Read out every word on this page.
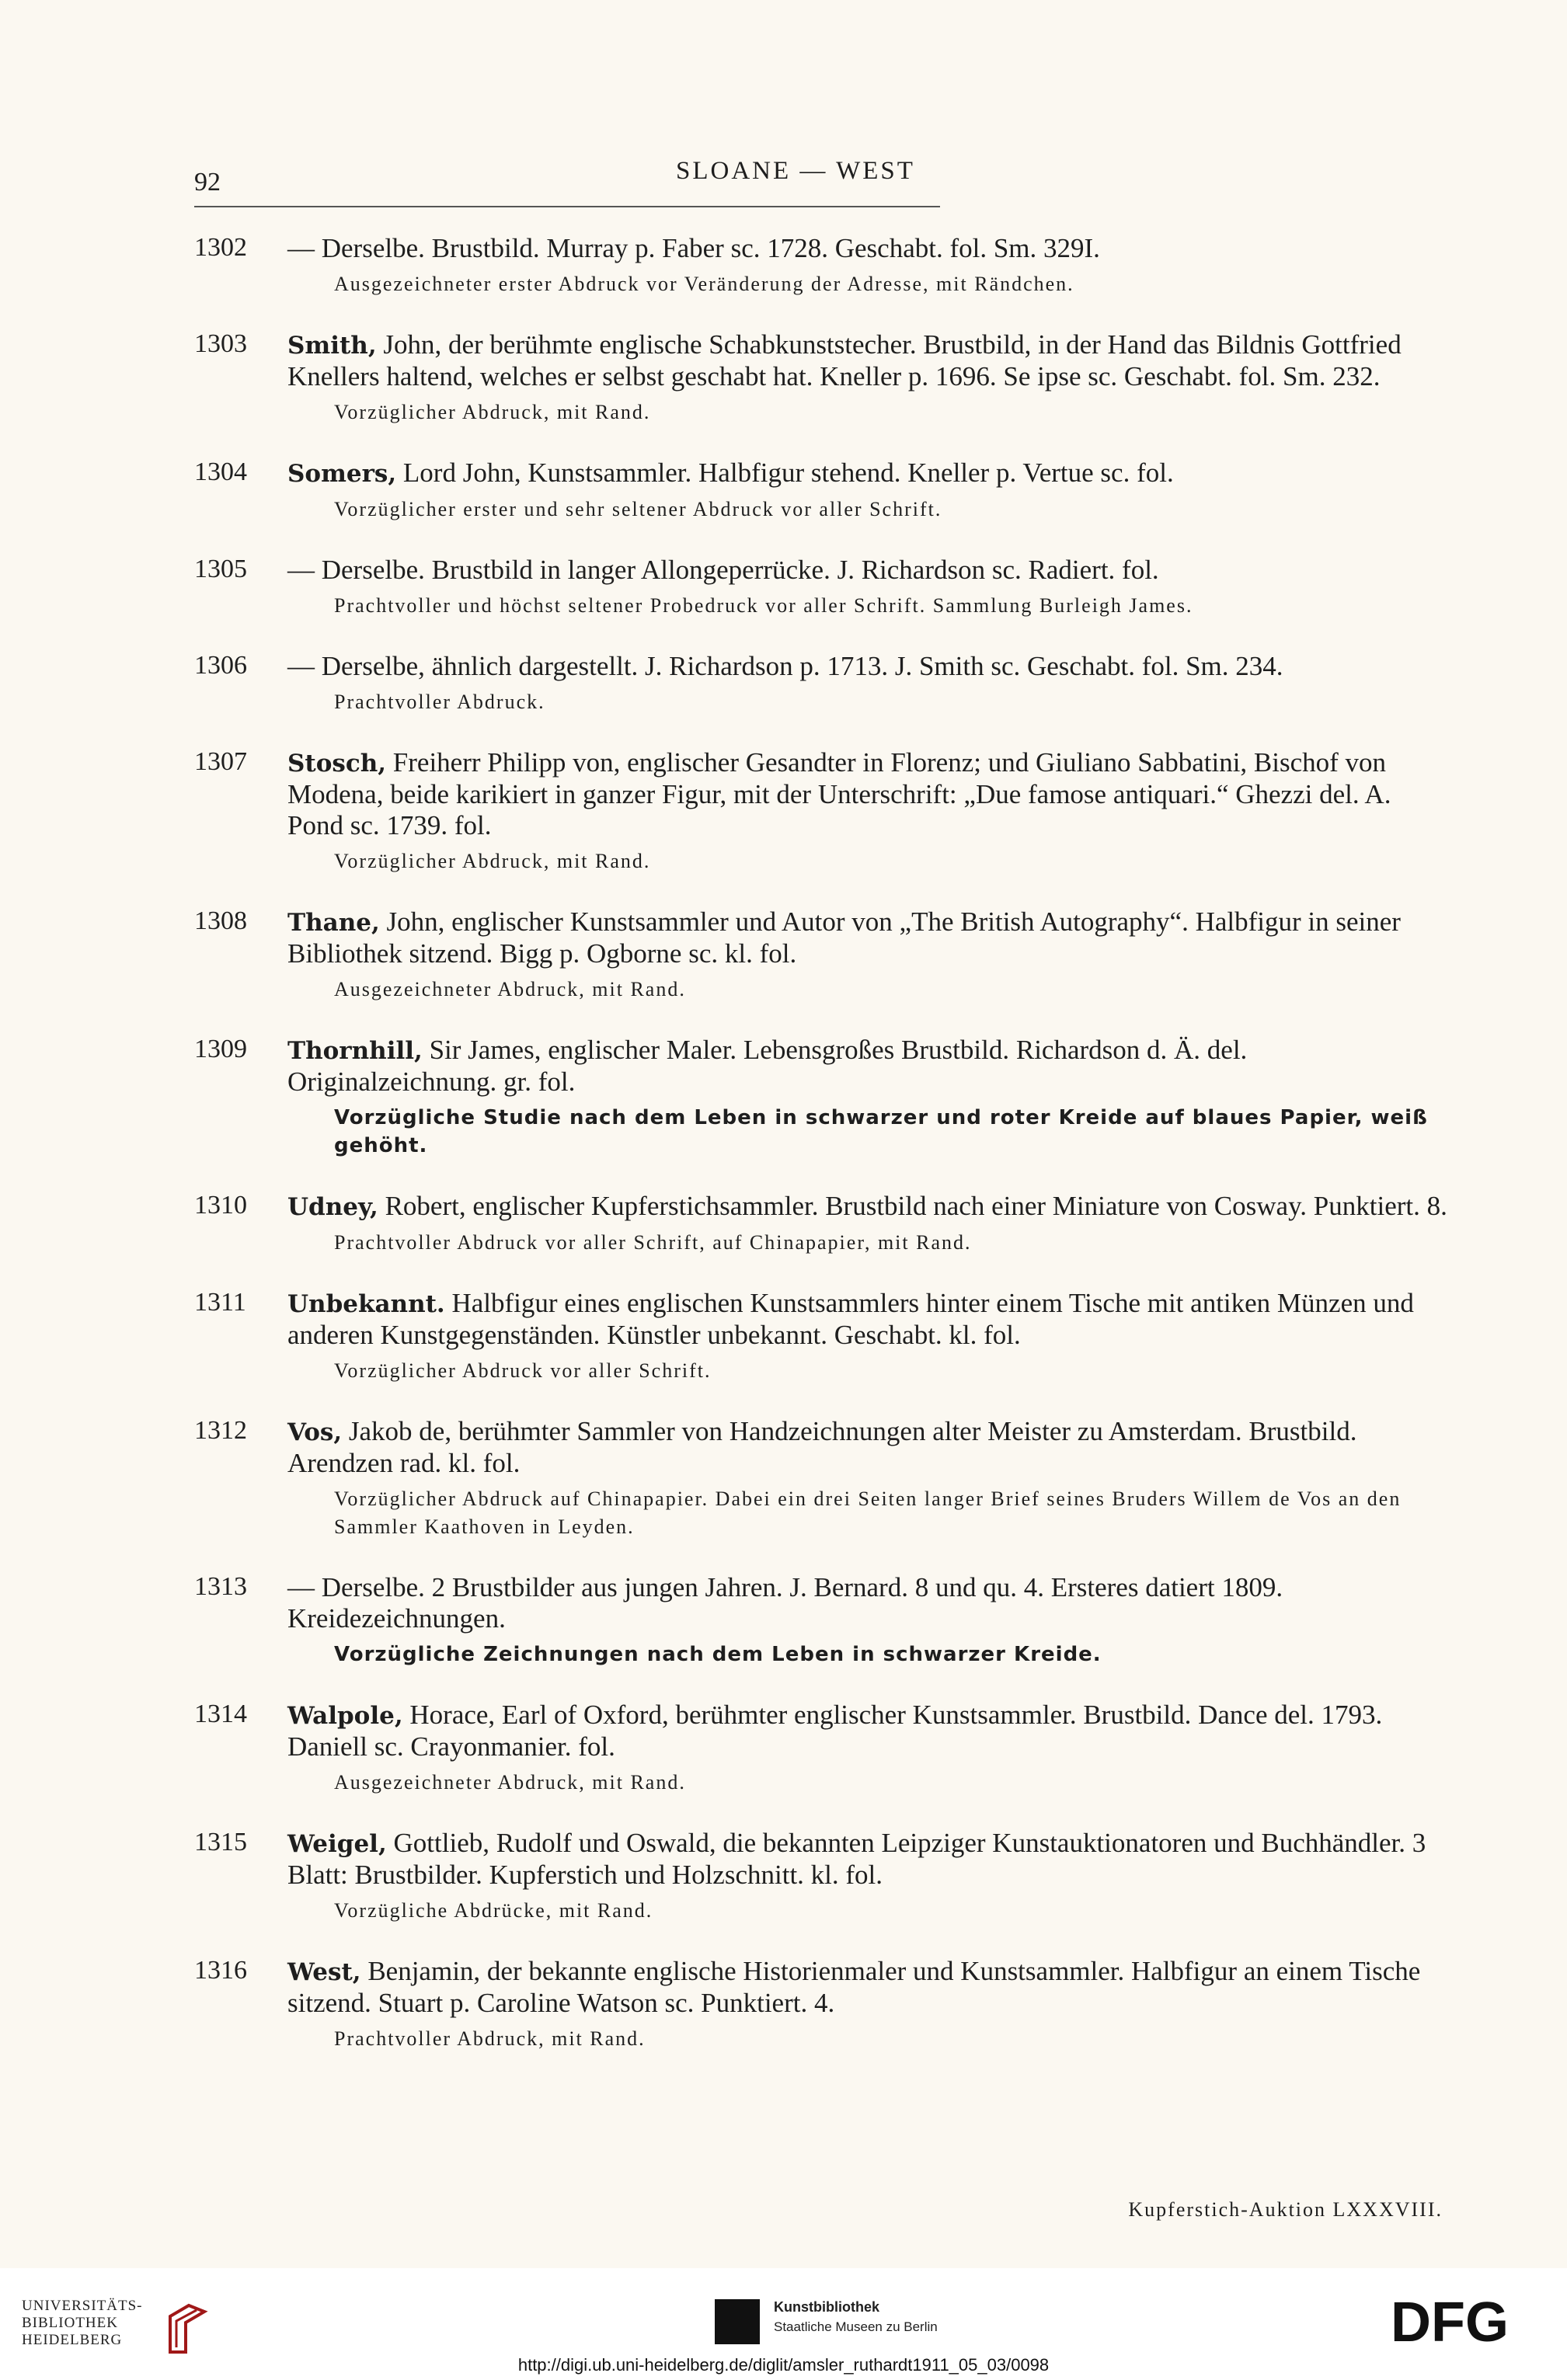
92	SLOANE — WEST
1302 — Derselbe. Brustbild. Murray p. Faber sc. 1728. Geschabt. fol. Sm. 329I.
Ausgezeichneter erster Abdruck vor Veränderung der Adresse, mit Rändchen.
1303 Smith, John, der berühmte englische Schabkunststecher. Brustbild, in der Hand das Bildnis Gottfried Knellers haltend, welches er selbst geschabt hat. Kneller p. 1696. Se ipse sc. Geschabt. fol. Sm. 232.
Vorzüglicher Abdruck, mit Rand.
1304 Somers, Lord John, Kunstsammler. Halbfigur stehend. Kneller p. Vertue sc. fol.
Vorzüglicher erster und sehr seltener Abdruck vor aller Schrift.
1305 — Derselbe. Brustbild in langer Allongeperrücke. J. Richardson sc. Radiert. fol.
Prachtvoller und höchst seltener Probedruck vor aller Schrift. Sammlung Burleigh James.
1306 — Derselbe, ähnlich dargestellt. J. Richardson p. 1713. J. Smith sc. Geschabt. fol. Sm. 234.
Prachtvoller Abdruck.
1307 Stosch, Freiherr Philipp von, englischer Gesandter in Florenz; und Giuliano Sabbatini, Bischof von Modena, beide karikiert in ganzer Figur, mit der Unterschrift: „Due famose antiquari.“ Ghezzi del. A. Pond sc. 1739. fol.
Vorzüglicher Abdruck, mit Rand.
1308 Thane, John, englischer Kunstsammler und Autor von „The British Autography“. Halbfigur in seiner Bibliothek sitzend. Bigg p. Ogborne sc. kl. fol.
Ausgezeichneter Abdruck, mit Rand.
1309 Thornhill, Sir James, englischer Maler. Lebensgroßes Brustbild. Richardson d. Ä. del. Originalzeichnung. gr. fol.
Vorzügliche Studie nach dem Leben in schwarzer und roter Kreide auf blaues Papier, weiß gehöht.
1310 Udney, Robert, englischer Kupferstichsammler. Brustbild nach einer Miniature von Cosway. Punktiert. 8.
Prachtvoller Abdruck vor aller Schrift, auf Chinapapier, mit Rand.
1311 Unbekannt. Halbfigur eines englischen Kunstsammlers hinter einem Tische mit antiken Münzen und anderen Kunstgegenständen. Künstler unbekannt. Geschabt. kl. fol.
Vorzüglicher Abdruck vor aller Schrift.
1312 Vos, Jakob de, berühmter Sammler von Handzeichnungen alter Meister zu Amsterdam. Brustbild. Arendzen rad. kl. fol.
Vorzüglicher Abdruck auf Chinapapier. Dabei ein drei Seiten langer Brief seines Bruders Willem de Vos an den Sammler Kaathoven in Leyden.
1313 — Derselbe. 2 Brustbilder aus jungen Jahren. J. Bernard. 8 und qu. 4. Ersteres datiert 1809. Kreidezeichnungen.
Vorzügliche Zeichnungen nach dem Leben in schwarzer Kreide.
1314 Walpole, Horace, Earl of Oxford, berühmter englischer Kunstsammler. Brustbild. Dance del. 1793. Daniell sc. Crayonmanier. fol.
Ausgezeichneter Abdruck, mit Rand.
1315 Weigel, Gottlieb, Rudolf und Oswald, die bekannten Leipziger Kunstauktionatoren und Buchhändler. 3 Blatt: Brustbilder. Kupferstich und Holzschnitt. kl. fol.
Vorzügliche Abdrücke, mit Rand.
1316 West, Benjamin, der bekannte englische Historienmaler und Kunstsammler. Halbfigur an einem Tische sitzend. Stuart p. Caroline Watson sc. Punktiert. 4.
Prachtvoller Abdruck, mit Rand.
Kupferstich-Auktion LXXXVIII.
UNIVERSITÄTS-
BIBLIOTHEK
HEIDELBERG
Kunstbibliothek
Staatliche Museen zu Berlin	DFG
http://digi.ub.uni-heidelberg.de/diglit/amsler_ruthardt1911_05_03/0098
